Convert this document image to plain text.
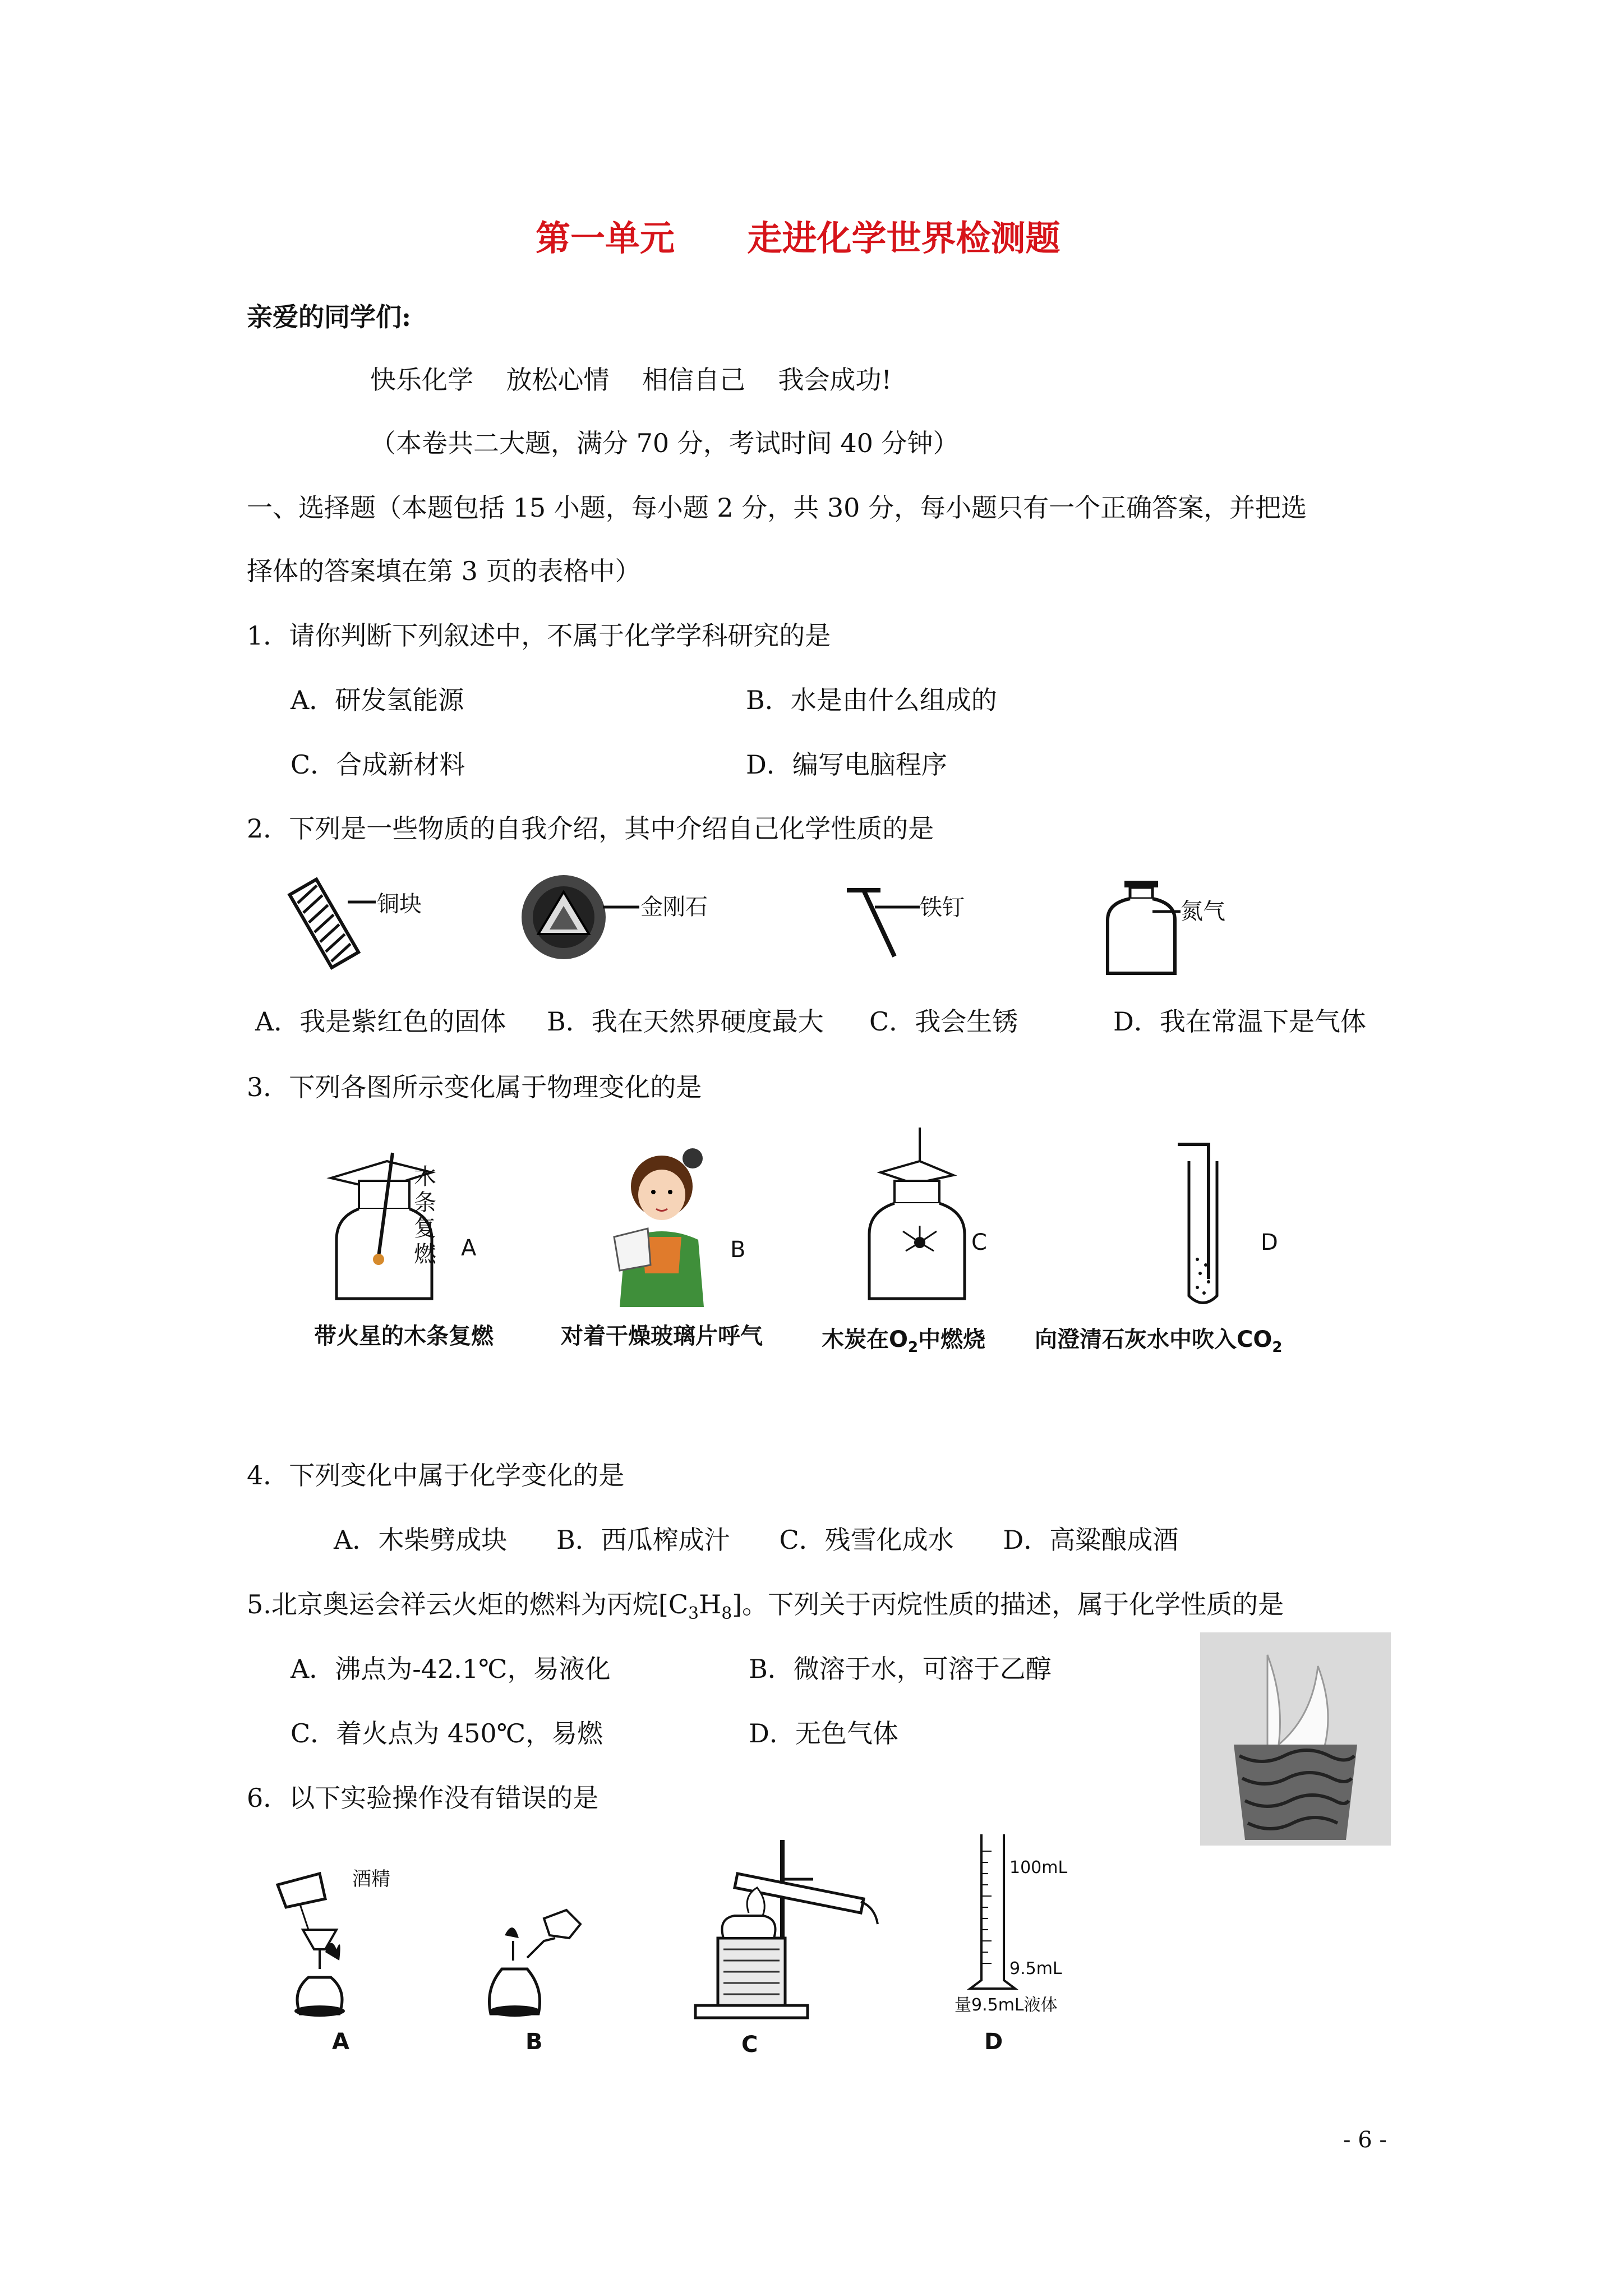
第一单元      走进化学世界检测题
亲爱的同学们:
快乐化学    放松心情    相信自己    我会成功!
（本卷共二大题，满分 70 分，考试时间 40 分钟）
一、选择题（本题包括 15 小题，每小题 2 分，共 30 分，每小题只有一个正确答案，并把选
择体的答案填在第 3 页的表格中）
1．请你判断下列叙述中，不属于化学学科研究的是
A．研发氢能源	B．水是由什么组成的
C．合成新材料	D．编写电脑程序
2．下列是一些物质的自我介绍，其中介绍自己化学性质的是
铜块	金刚石	铁钉	氮气
A．我是紫红色的固体 B．我在天然界硬度最大 C．我会生锈	D．我在常温下是气体
3．下列各图所示变化属于物理变化的是
木条复燃 A	B	C	D
带火星的木条复燃	对着干燥玻璃片呼气	木炭在$O_2$中燃烧 向澄清石灰水中吹入$CO_2$
4．下列变化中属于化学变化的是
A．木柴劈成块      B．西瓜榨成汁      C．残雪化成水      D．高粱酿成酒
5.北京奥运会祥云火炬的燃料为丙烷$[C_3H_8]$。下列关于丙烷性质的描述，属于化学性质的是
A．沸点为-42.1℃，易液化	B．微溶于水，可溶于乙醇
C．着火点为 450℃，易燃	D．无色气体
6．以下实验操作没有错误的是
酒精
A	B	C
100mL
9.5mL
量9.5mL液体
D
- 6 -
